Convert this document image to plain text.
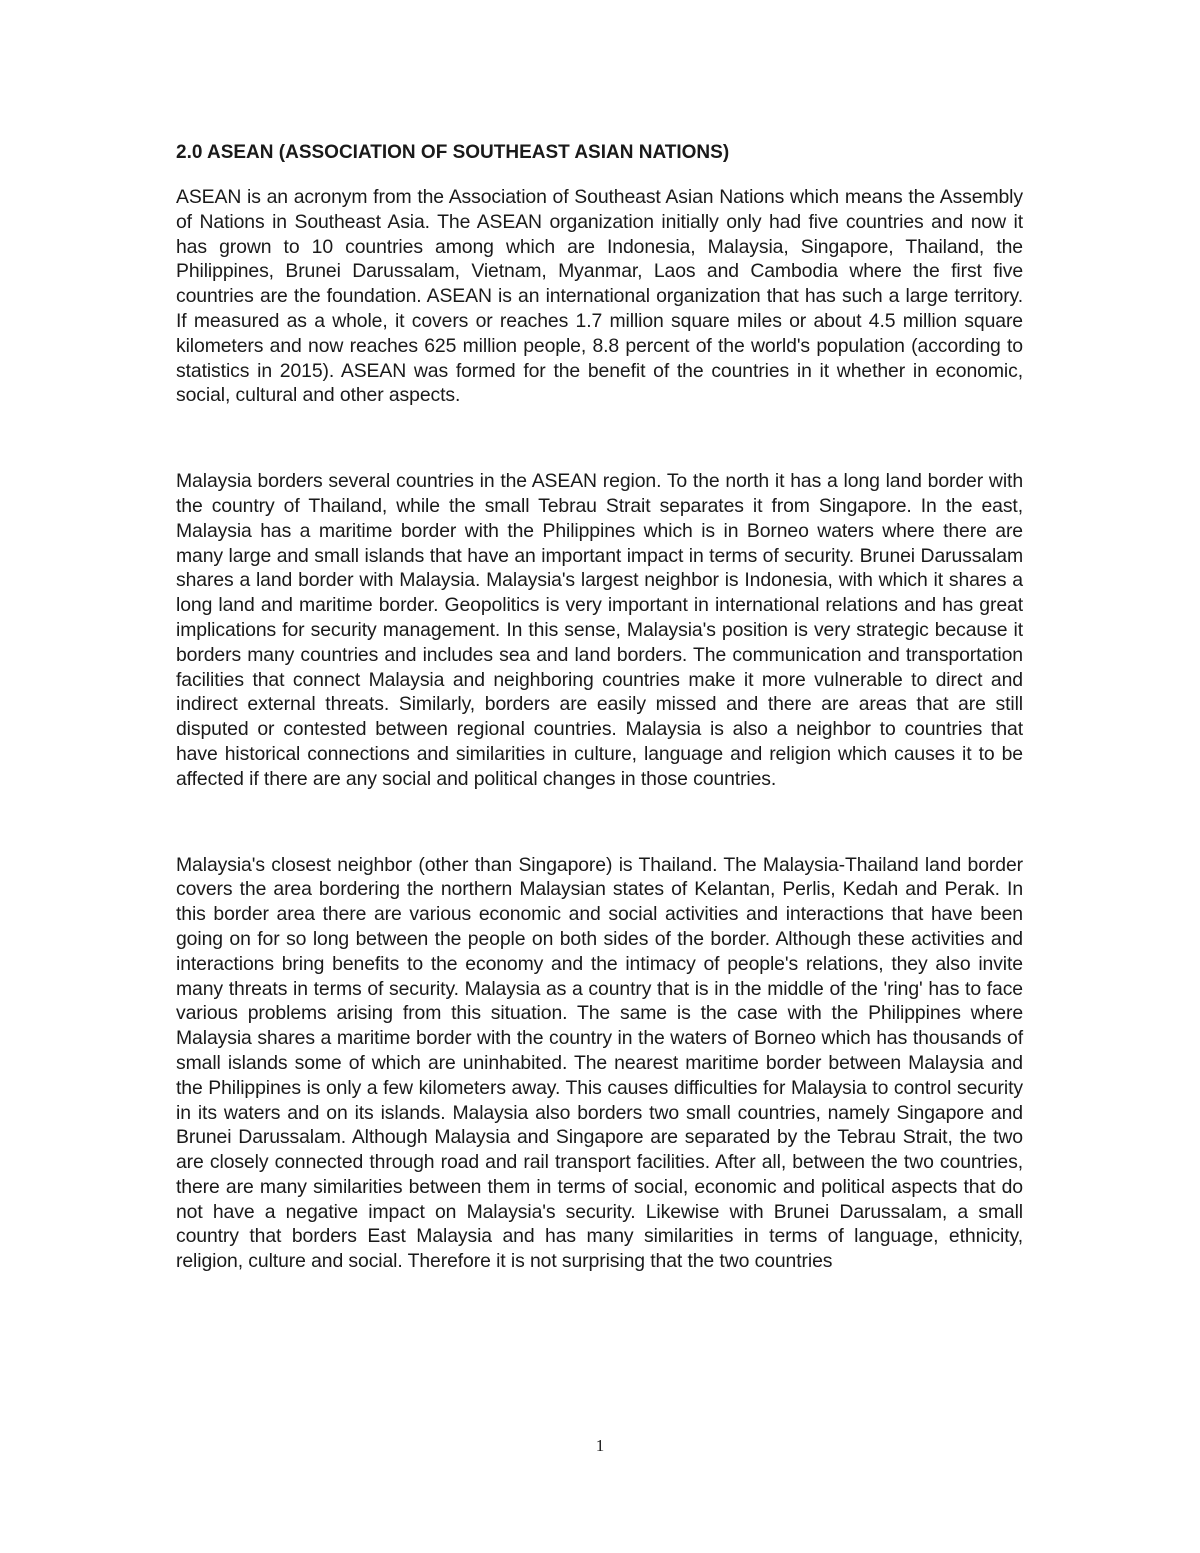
2.0 ASEAN (ASSOCIATION OF SOUTHEAST ASIAN NATIONS)

ASEAN is an acronym from the Association of Southeast Asian Nations which means the Assembly of Nations in Southeast Asia. The ASEAN organization initially only had five countries and now it has grown to 10 countries among which are Indonesia, Malaysia, Singapore, Thailand, the Philippines, Brunei Darussalam, Vietnam, Myanmar, Laos and Cambodia where the first five countries are the foundation. ASEAN is an international organization that has such a large territory. If measured as a whole, it covers or reaches 1.7 million square miles or about 4.5 million square kilometers and now reaches 625 million people, 8.8 percent of the world's population (according to statistics in 2015). ASEAN was formed for the benefit of the countries in it whether in economic, social, cultural and other aspects.

Malaysia borders several countries in the ASEAN region. To the north it has a long land border with the country of Thailand, while the small Tebrau Strait separates it from Singapore. In the east, Malaysia has a maritime border with the Philippines which is in Borneo waters where there are many large and small islands that have an important impact in terms of security. Brunei Darussalam shares a land border with Malaysia. Malaysia's largest neighbor is Indonesia, with which it shares a long land and maritime border. Geopolitics is very important in international relations and has great implications for security management. In this sense, Malaysia's position is very strategic because it borders many countries and includes sea and land borders. The communication and transportation facilities that connect Malaysia and neighboring countries make it more vulnerable to direct and indirect external threats. Similarly, borders are easily missed and there are areas that are still disputed or contested between regional countries. Malaysia is also a neighbor to countries that have historical connections and similarities in culture, language and religion which causes it to be affected if there are any social and political changes in those countries.

Malaysia's closest neighbor (other than Singapore) is Thailand. The Malaysia-Thailand land border covers the area bordering the northern Malaysian states of Kelantan, Perlis, Kedah and Perak. In this border area there are various economic and social activities and interactions that have been going on for so long between the people on both sides of the border. Although these activities and interactions bring benefits to the economy and the intimacy of people's relations, they also invite many threats in terms of security. Malaysia as a country that is in the middle of the 'ring' has to face various problems arising from this situation. The same is the case with the Philippines where Malaysia shares a maritime border with the country in the waters of Borneo which has thousands of small islands some of which are uninhabited. The nearest maritime border between Malaysia and the Philippines is only a few kilometers away. This causes difficulties for Malaysia to control security in its waters and on its islands. Malaysia also borders two small countries, namely Singapore and Brunei Darussalam. Although Malaysia and Singapore are separated by the Tebrau Strait, the two are closely connected through road and rail transport facilities. After all, between the two countries, there are many similarities between them in terms of social, economic and political aspects that do not have a negative impact on Malaysia's security. Likewise with Brunei Darussalam, a small country that borders East Malaysia and has many similarities in terms of language, ethnicity, religion, culture and social. Therefore it is not surprising that the two countries

1
